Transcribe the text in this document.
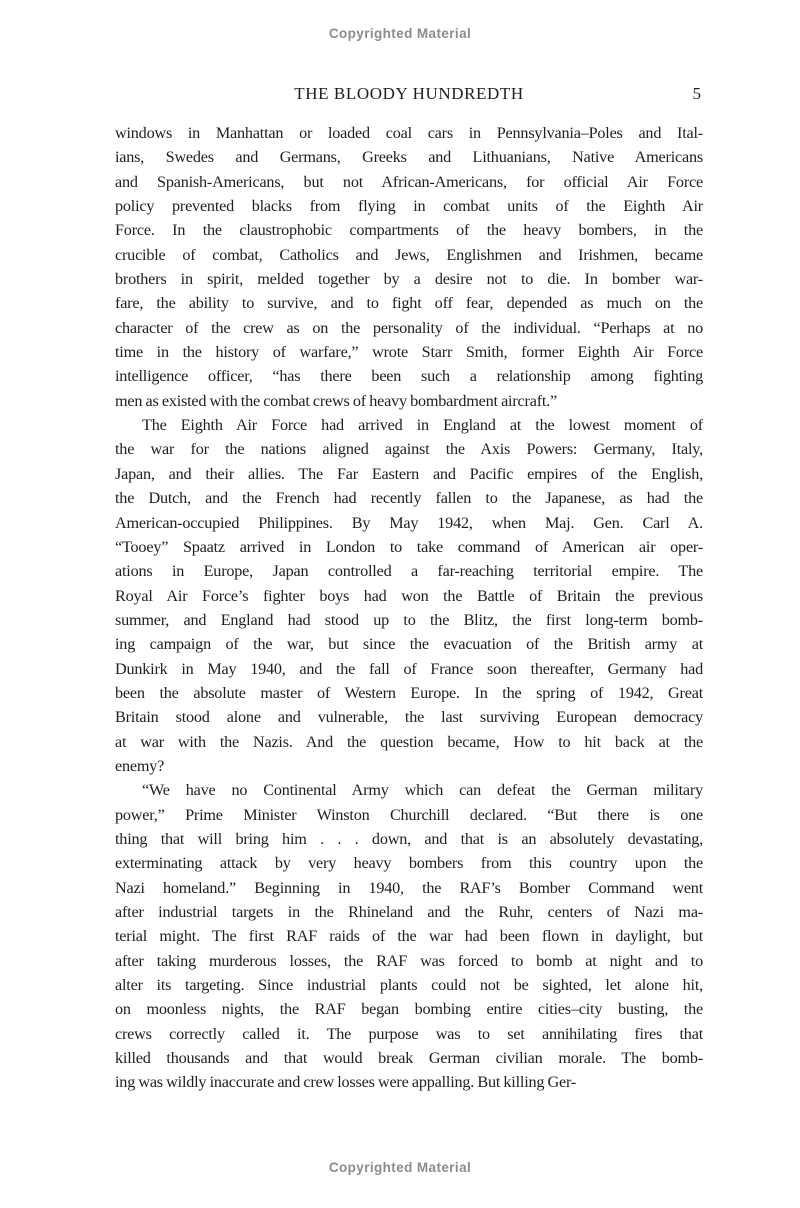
Copyrighted Material
THE BLOODY HUNDREDTH	5
windows in Manhattan or loaded coal cars in Pennsylvania–Poles and Ital-
ians, Swedes and Germans, Greeks and Lithuanians, Native Americans
and Spanish-Americans, but not African-Americans, for official Air Force
policy prevented blacks from flying in combat units of the Eighth Air
Force. In the claustrophobic compartments of the heavy bombers, in the
crucible of combat, Catholics and Jews, Englishmen and Irishmen, became
brothers in spirit, melded together by a desire not to die. In bomber war-
fare, the ability to survive, and to fight off fear, depended as much on the
character of the crew as on the personality of the individual. “Perhaps at no
time in the history of warfare,” wrote Starr Smith, former Eighth Air Force
intelligence officer, “has there been such a relationship among fighting
men as existed with the combat crews of heavy bombardment aircraft.”
The Eighth Air Force had arrived in England at the lowest moment of
the war for the nations aligned against the Axis Powers: Germany, Italy,
Japan, and their allies. The Far Eastern and Pacific empires of the English,
the Dutch, and the French had recently fallen to the Japanese, as had the
American-occupied Philippines. By May 1942, when Maj. Gen. Carl A.
“Tooey” Spaatz arrived in London to take command of American air oper-
ations in Europe, Japan controlled a far-reaching territorial empire. The
Royal Air Force’s fighter boys had won the Battle of Britain the previous
summer, and England had stood up to the Blitz, the first long-term bomb-
ing campaign of the war, but since the evacuation of the British army at
Dunkirk in May 1940, and the fall of France soon thereafter, Germany had
been the absolute master of Western Europe. In the spring of 1942, Great
Britain stood alone and vulnerable, the last surviving European democracy
at war with the Nazis. And the question became, How to hit back at the
enemy?
“We have no Continental Army which can defeat the German military
power,” Prime Minister Winston Churchill declared. “But there is one
thing that will bring him . . . down, and that is an absolutely devastating,
exterminating attack by very heavy bombers from this country upon the
Nazi homeland.” Beginning in 1940, the RAF’s Bomber Command went
after industrial targets in the Rhineland and the Ruhr, centers of Nazi ma-
terial might. The first RAF raids of the war had been flown in daylight, but
after taking murderous losses, the RAF was forced to bomb at night and to
alter its targeting. Since industrial plants could not be sighted, let alone hit,
on moonless nights, the RAF began bombing entire cities–city busting, the
crews correctly called it. The purpose was to set annihilating fires that
killed thousands and that would break German civilian morale. The bomb-
ing was wildly inaccurate and crew losses were appalling. But killing Ger-
Copyrighted Material
